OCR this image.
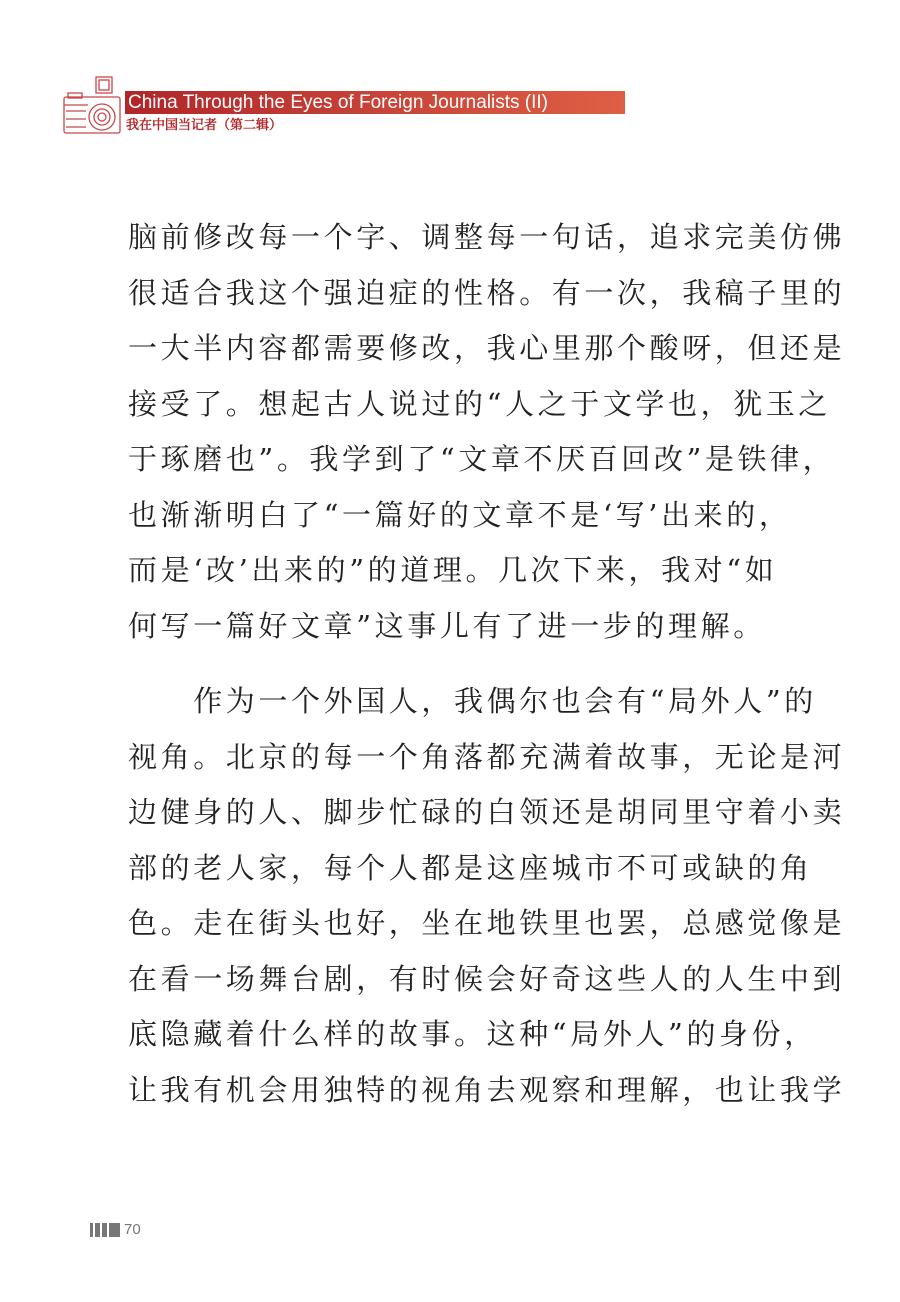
China Through the Eyes of Foreign Journalists (II)
我在中国当记者（第二辑）
脑前修改每一个字、调整每一句话，追求完美仿佛
很适合我这个强迫症的性格。有一次，我稿子里的
一大半内容都需要修改，我心里那个酸呀，但还是
接受了。想起古人说过的“人之于文学也，犹玉之
于琢磨也”。我学到了“文章不厌百回改”是铁律，
也渐渐明白了“一篇好的文章不是‘写’出来的，
而是‘改’出来的”的道理。几次下来，我对“如
何写一篇好文章”这事儿有了进一步的理解。
　　作为一个外国人，我偶尔也会有“局外人”的
视角。北京的每一个角落都充满着故事，无论是河
边健身的人、脚步忙碌的白领还是胡同里守着小卖
部的老人家，每个人都是这座城市不可或缺的角
色。走在街头也好，坐在地铁里也罢，总感觉像是
在看一场舞台剧，有时候会好奇这些人的人生中到
底隐藏着什么样的故事。这种“局外人”的身份，
让我有机会用独特的视角去观察和理解，也让我学
70
